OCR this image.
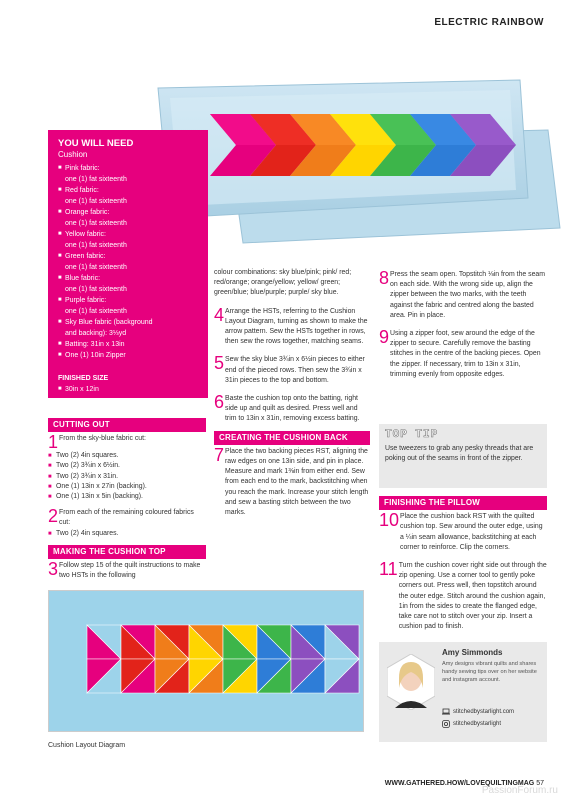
ELECTRIC RAINBOW
YOU WILL NEED
Cushion
■ Pink fabric:
one (1) fat sixteenth
■ Red fabric:
one (1) fat sixteenth
■ Orange fabric:
one (1) fat sixteenth
■ Yellow fabric:
one (1) fat sixteenth
■ Green fabric:
one (1) fat sixteenth
■ Blue fabric:
one (1) fat sixteenth
■ Purple fabric:
one (1) fat sixteenth
■ Sky Blue fabric (background
and backing): 3⅓yd
■ Batting: 31in x 13in
■ One (1) 10in Zipper
FINISHED SIZE
■ 30in x 12in
CUTTING OUT
1 From the sky-blue fabric cut:
■ Two (2) 4in squares.
■ Two (2) 3¾in x 6½in.
■ Two (2) 3¾in x 31in.
■ One (1) 13in x 27in (backing).
■ One (1) 13in x 5in (backing).
2 From each of the remaining coloured fabrics cut:
■ Two (2) 4in squares.
MAKING THE CUSHION TOP
3 Follow step 15 of the quilt instructions to make two HSTs in the following
colour combinations: sky blue/pink; pink/ red; red/orange; orange/yellow; yellow/ green; green/blue; blue/purple; purple/ sky blue.
4 Arrange the HSTs, referring to the Cushion Layout Diagram, turning as shown to make the arrow pattern. Sew the HSTs together in rows, then sew the rows together, matching seams.
5 Sew the sky blue 3¾in x 6½in pieces to either end of the pieced rows. Then sew the 3¾in x 31in pieces to the top and bottom.
6 Baste the cushion top onto the batting, right side up and quilt as desired. Press well and trim to 13in x 31in, removing excess batting.
CREATING THE CUSHION BACK
7 Place the two backing pieces RST, aligning the raw edges on one 13in side, and pin in place. Measure and mark 1⅜in from either end. Sew from each end to the mark, backstitching when you reach the mark. Increase your stitch length and sew a basting stitch between the two marks.
8 Press the seam open. Topstitch ⅛in from the seam on each side. With the wrong side up, align the zipper between the two marks, with the teeth against the fabric and centred along the basted area. Pin in place.
9 Using a zipper foot, sew around the edge of the zipper to secure. Carefully remove the basting stitches in the centre of the backing pieces. Open the zipper. If necessary, trim to 13in x 31in, trimming evenly from opposite edges.
TOP TIP
Use tweezers to grab any pesky threads that are poking out of the seams in front of the zipper.
FINISHING THE PILLOW
10 Place the cushion back RST with the quilted cushion top. Sew around the outer edge, using a ¼in seam allowance, backstitching at each corner to reinforce. Clip the corners.
11 Turn the cushion cover right side out through the zip opening. Use a corner tool to gently poke corners out. Press well, then topstitch around the outer edge. Stitch around the cushion again, 1in from the sides to create the flanged edge, take care not to stitch over your zip. Insert a cushion pad to finish.
Cushion Layout Diagram
Amy Simmonds
Amy designs vibrant quilts and shares handy sewing tips over on her website and instagram account.
stitchedbystarlight.com
stitchedbystarlight
WWW.GATHERED.HOW/LOVEQUILTINGMAG 57
PassionForum.ru
